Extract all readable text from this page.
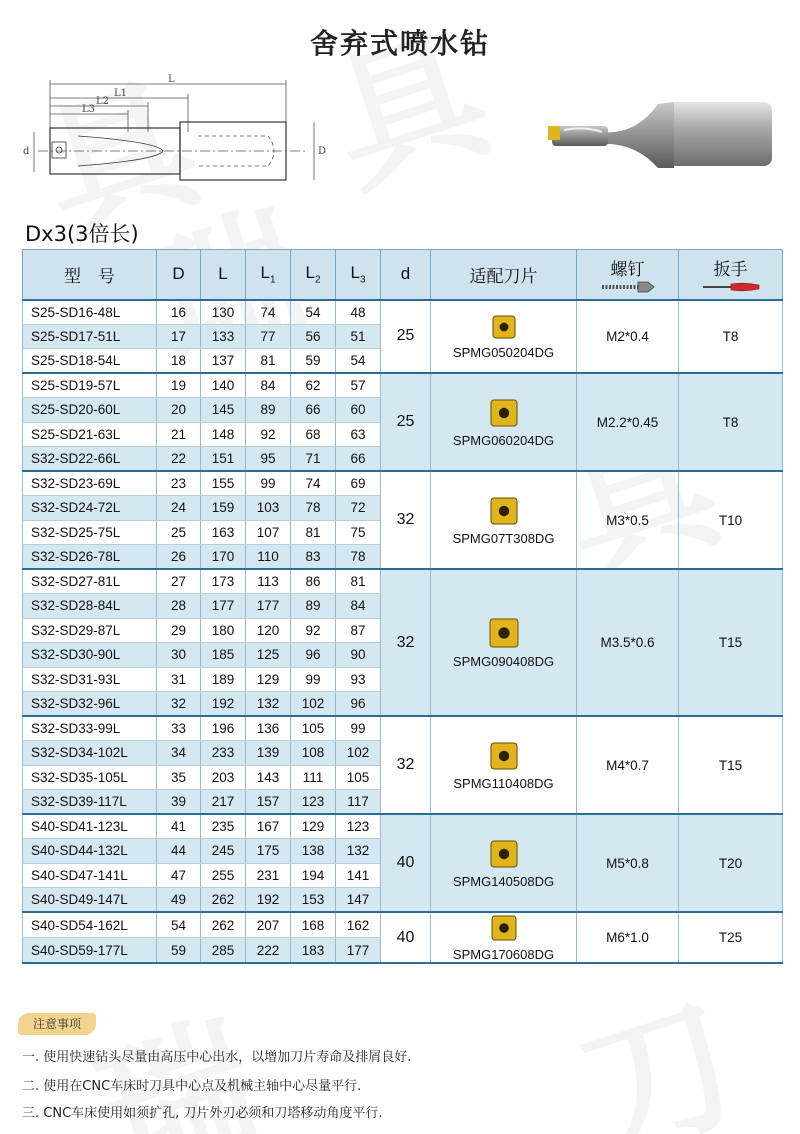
舍弃式喷水钻
L
L1
L2
L3
d	D
Dx3(3倍长)
型　号	D	L	$L_1$	$L_2$	$L_3$	d	适配刀片	螺钉	扳手

S25-SD16-48L	16	130	74	54	48	25	SPMG050204DG	M2*0.4	T8
S25-SD17-51L	17	133	77	56	51				
S25-SD18-54L	18	137	81	59	54				
S25-SD19-57L	19	140	84	62	57	25	SPMG060204DG	M2.2*0.45	T8
S25-SD20-60L	20	145	89	66	60				
S25-SD21-63L	21	148	92	68	63				
S32-SD22-66L	22	151	95	71	66				
S32-SD23-69L	23	155	99	74	69	32	SPMG07T308DG	M3*0.5	T10
S32-SD24-72L	24	159	103	78	72				
S32-SD25-75L	25	163	107	81	75				
S32-SD26-78L	26	170	110	83	78				
S32-SD27-81L	27	173	113	86	81	32	SPMG090408DG	M3.5*0.6	T15
S32-SD28-84L	28	177	177	89	84				
S32-SD29-87L	29	180	120	92	87				
S32-SD30-90L	30	185	125	96	90				
S32-SD31-93L	31	189	129	99	93				
S32-SD32-96L	32	192	132	102	96				
S32-SD33-99L	33	196	136	105	99	32	SPMG110408DG	M4*0.7	T15
S32-SD34-102L	34	233	139	108	102				
S32-SD35-105L	35	203	143	111	105				
S32-SD39-117L	39	217	157	123	117				
S40-SD41-123L	41	235	167	129	123	40	SPMG140508DG	M5*0.8	T20
S40-SD44-132L	44	245	175	138	132				
S40-SD47-141L	47	255	231	194	141				
S40-SD49-147L	49	262	192	153	147				
S40-SD54-162L	54	262	207	168	162	40	SPMG170608DG	M6*1.0	T25
S40-SD59-177L	59	285	222	183	177				
注意事项
一. 使用快速钻头尽量由高压中心出水，以增加刀片寿命及排屑良好.
二. 使用在CNC车床时刀具中心点及机械主轴中心尽量平行.
三. CNC车床使用如须扩孔, 刀片外刃必须和刀塔移动角度平行.
